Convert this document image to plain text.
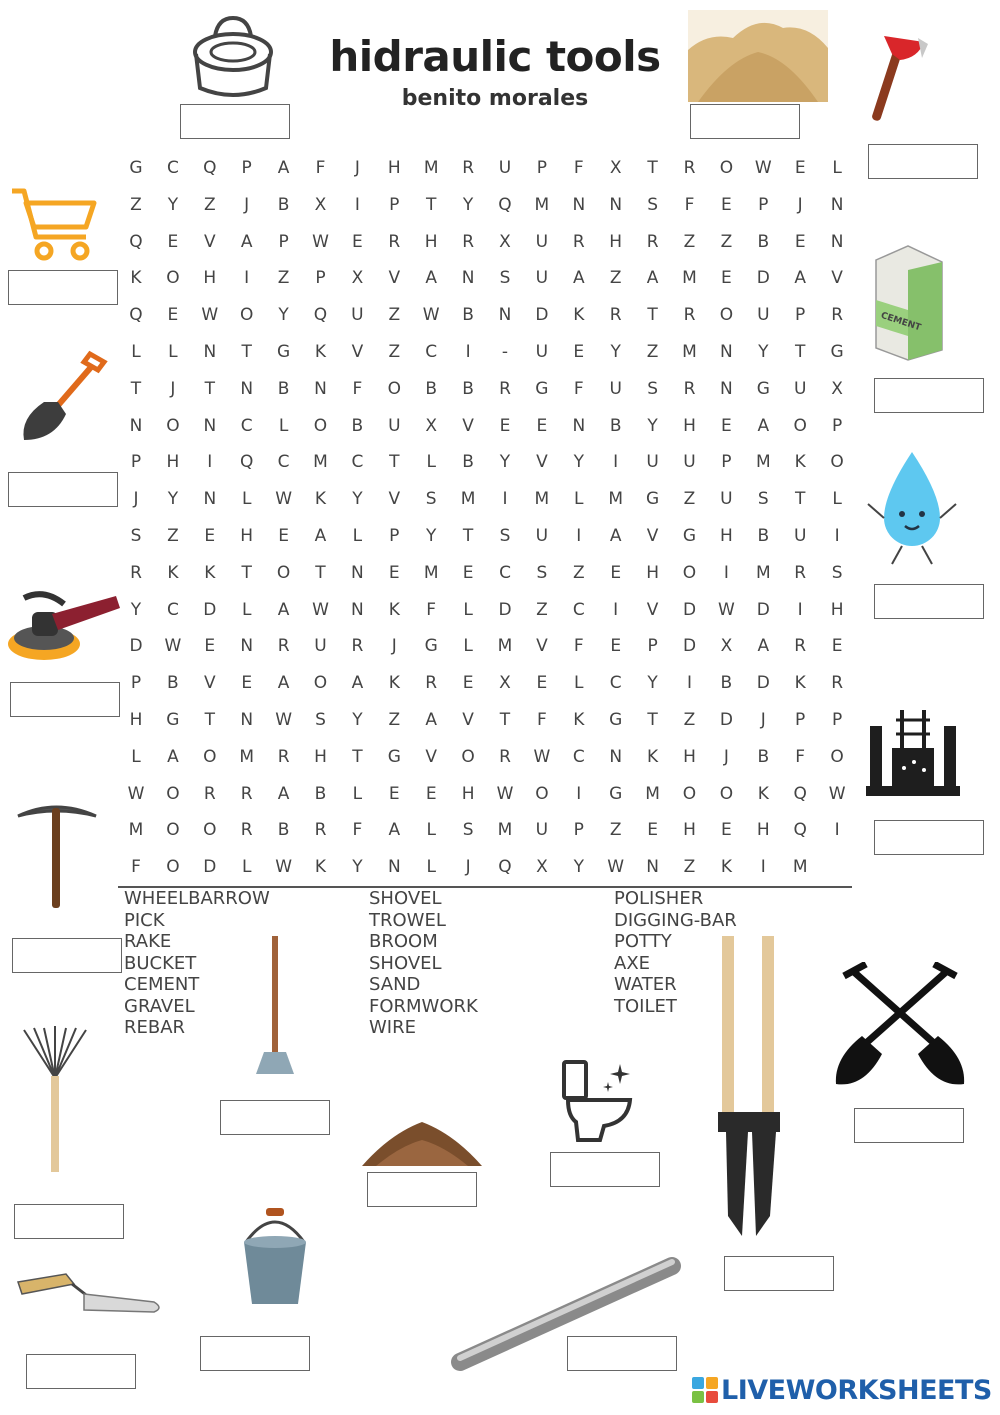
hidraulic tools
benito morales
G	C	Q	P	A	F	J	H	M	R	U	P	F	X	T	R	O	W	E	L
Z	Y	Z	J	B	X	I	P	T	Y	Q	M	N	N	S	F	E	P	J	N
Q	E	V	A	P	W	E	R	H	R	X	U	R	H	R	Z	Z	B	E	N
K	O	H	I	Z	P	X	V	A	N	S	U	A	Z	A	M	E	D	A	V
Q	E	W	O	Y	Q	U	Z	W	B	N	D	K	R	T	R	O	U	P	R
L	L	N	T	G	K	V	Z	C	I	-	U	E	Y	Z	M	N	Y	T	G
T	J	T	N	B	N	F	O	B	B	R	G	F	U	S	R	N	G	U	X
N	O	N	C	L	O	B	U	X	V	E	E	N	B	Y	H	E	A	O	P
P	H	I	Q	C	M	C	T	L	B	Y	V	Y	I	U	U	P	M	K	O
J	Y	N	L	W	K	Y	V	S	M	I	M	L	M	G	Z	U	S	T	L
S	Z	E	H	E	A	L	P	Y	T	S	U	I	A	V	G	H	B	U	I
R	K	K	T	O	T	N	E	M	E	C	S	Z	E	H	O	I	M	R	S
Y	C	D	L	A	W	N	K	F	L	D	Z	C	I	V	D	W	D	I	H
D	W	E	N	R	U	R	J	G	L	M	V	F	E	P	D	X	A	R	E
P	B	V	E	A	O	A	K	R	E	X	E	L	C	Y	I	B	D	K	R
H	G	T	N	W	S	Y	Z	A	V	T	F	K	G	T	Z	D	J	P	P
L	A	O	M	R	H	T	G	V	O	R	W	C	N	K	H	J	B	F	O
W	O	R	R	A	B	L	E	E	H	W	O	I	G	M	O	O	K	Q	W
M	O	O	R	B	R	F	A	L	S	M	U	P	Z	E	H	E	H	Q	I
F	O	D	L	W	K	Y	N	L	J	Q	X	Y	W	N	Z	K	I	M
WHEELBARROW
PICK
RAKE
BUCKET
CEMENT
GRAVEL
REBAR
SHOVEL
TROWEL
BROOM
SHOVEL
SAND
FORMWORK
WIRE
POLISHER
DIGGING-BAR
POTTY
AXE
WATER
TOILET
CEMENT
LIVEWORKSHEETS
